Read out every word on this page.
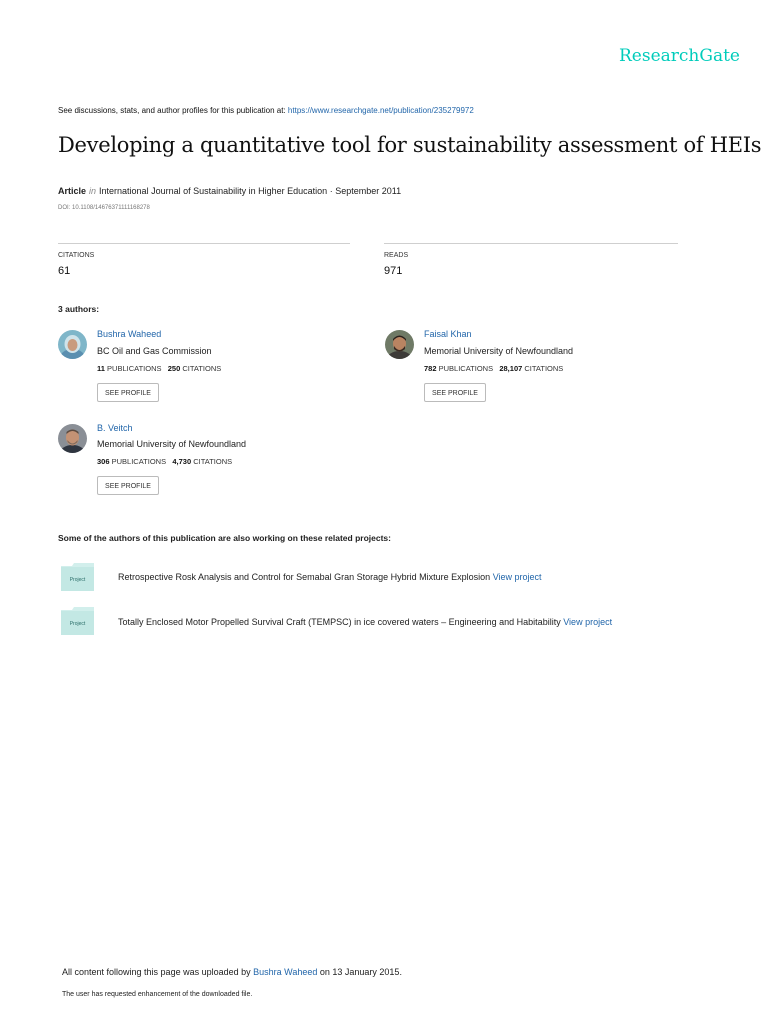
ResearchGate
See discussions, stats, and author profiles for this publication at: https://www.researchgate.net/publication/235279972
Developing a quantitative tool for sustainability assessment of HEIs
Article in International Journal of Sustainability in Higher Education · September 2011
DOI: 10.1108/14676371111168278
CITATIONS
61
READS
971
3 authors:
Bushra Waheed
BC Oil and Gas Commission
11 PUBLICATIONS 250 CITATIONS
SEE PROFILE
Faisal Khan
Memorial University of Newfoundland
782 PUBLICATIONS 28,107 CITATIONS
SEE PROFILE
B. Veitch
Memorial University of Newfoundland
306 PUBLICATIONS 4,730 CITATIONS
SEE PROFILE
Some of the authors of this publication are also working on these related projects:
Project	Retrospective Rosk Analysis and Control for Semabal Gran Storage Hybrid Mixture Explosion View project
Project	Totally Enclosed Motor Propelled Survival Craft (TEMPSC) in ice covered waters – Engineering and Habitability View project
All content following this page was uploaded by Bushra Waheed on 13 January 2015.
The user has requested enhancement of the downloaded file.
